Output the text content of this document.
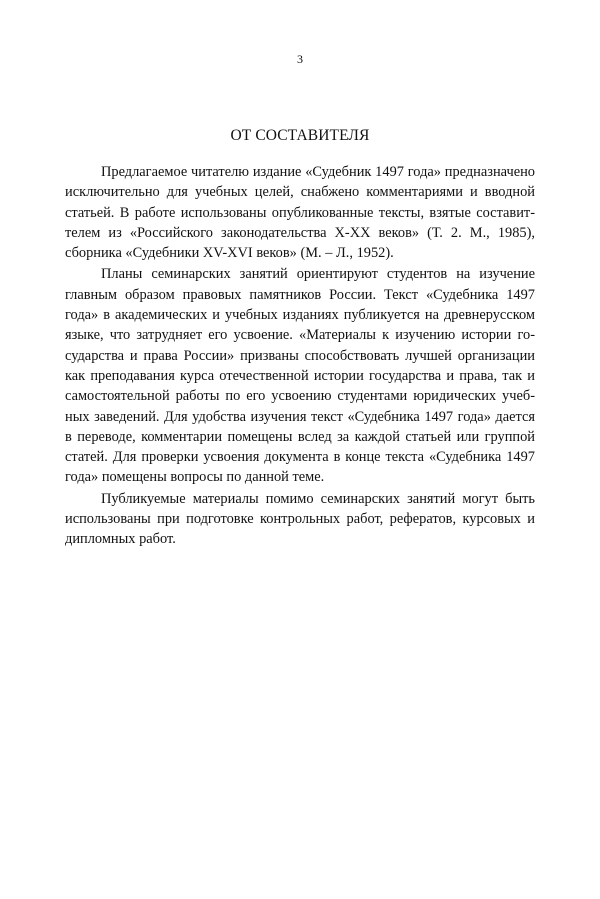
3
ОТ СОСТАВИТЕЛЯ
Предлагаемое читателю издание «Судебник 1497 года» предназначено
исключительно для учебных целей, снабжено комментариями и вводной
статьей. В работе использованы опубликованные тексты, взятые составит-
телем из «Российского законодательства X-XX веков» (Т. 2. М., 1985),
сборника «Судебники XV-XVI веков» (М. – Л., 1952).
Планы семинарских занятий ориентируют студентов на изучение
главным образом правовых памятников России. Текст «Судебника 1497
года» в академических и учебных изданиях публикуется на древнерусском
языке, что затрудняет его усвоение. «Материалы к изучению истории го-
сударства и права России» призваны способствовать лучшей организации
как преподавания курса отечественной истории государства и права, так и
самостоятельной работы по его усвоению студентами юридических учеб-
ных заведений. Для удобства изучения текст «Судебника 1497 года» дается
в переводе, комментарии помещены вслед за каждой статьей или группой
статей. Для проверки усвоения документа в конце текста «Судебника 1497
года» помещены вопросы по данной теме.
Публикуемые материалы помимо семинарских занятий могут быть
использованы при подготовке контрольных работ, рефератов, курсовых и
дипломных работ.
